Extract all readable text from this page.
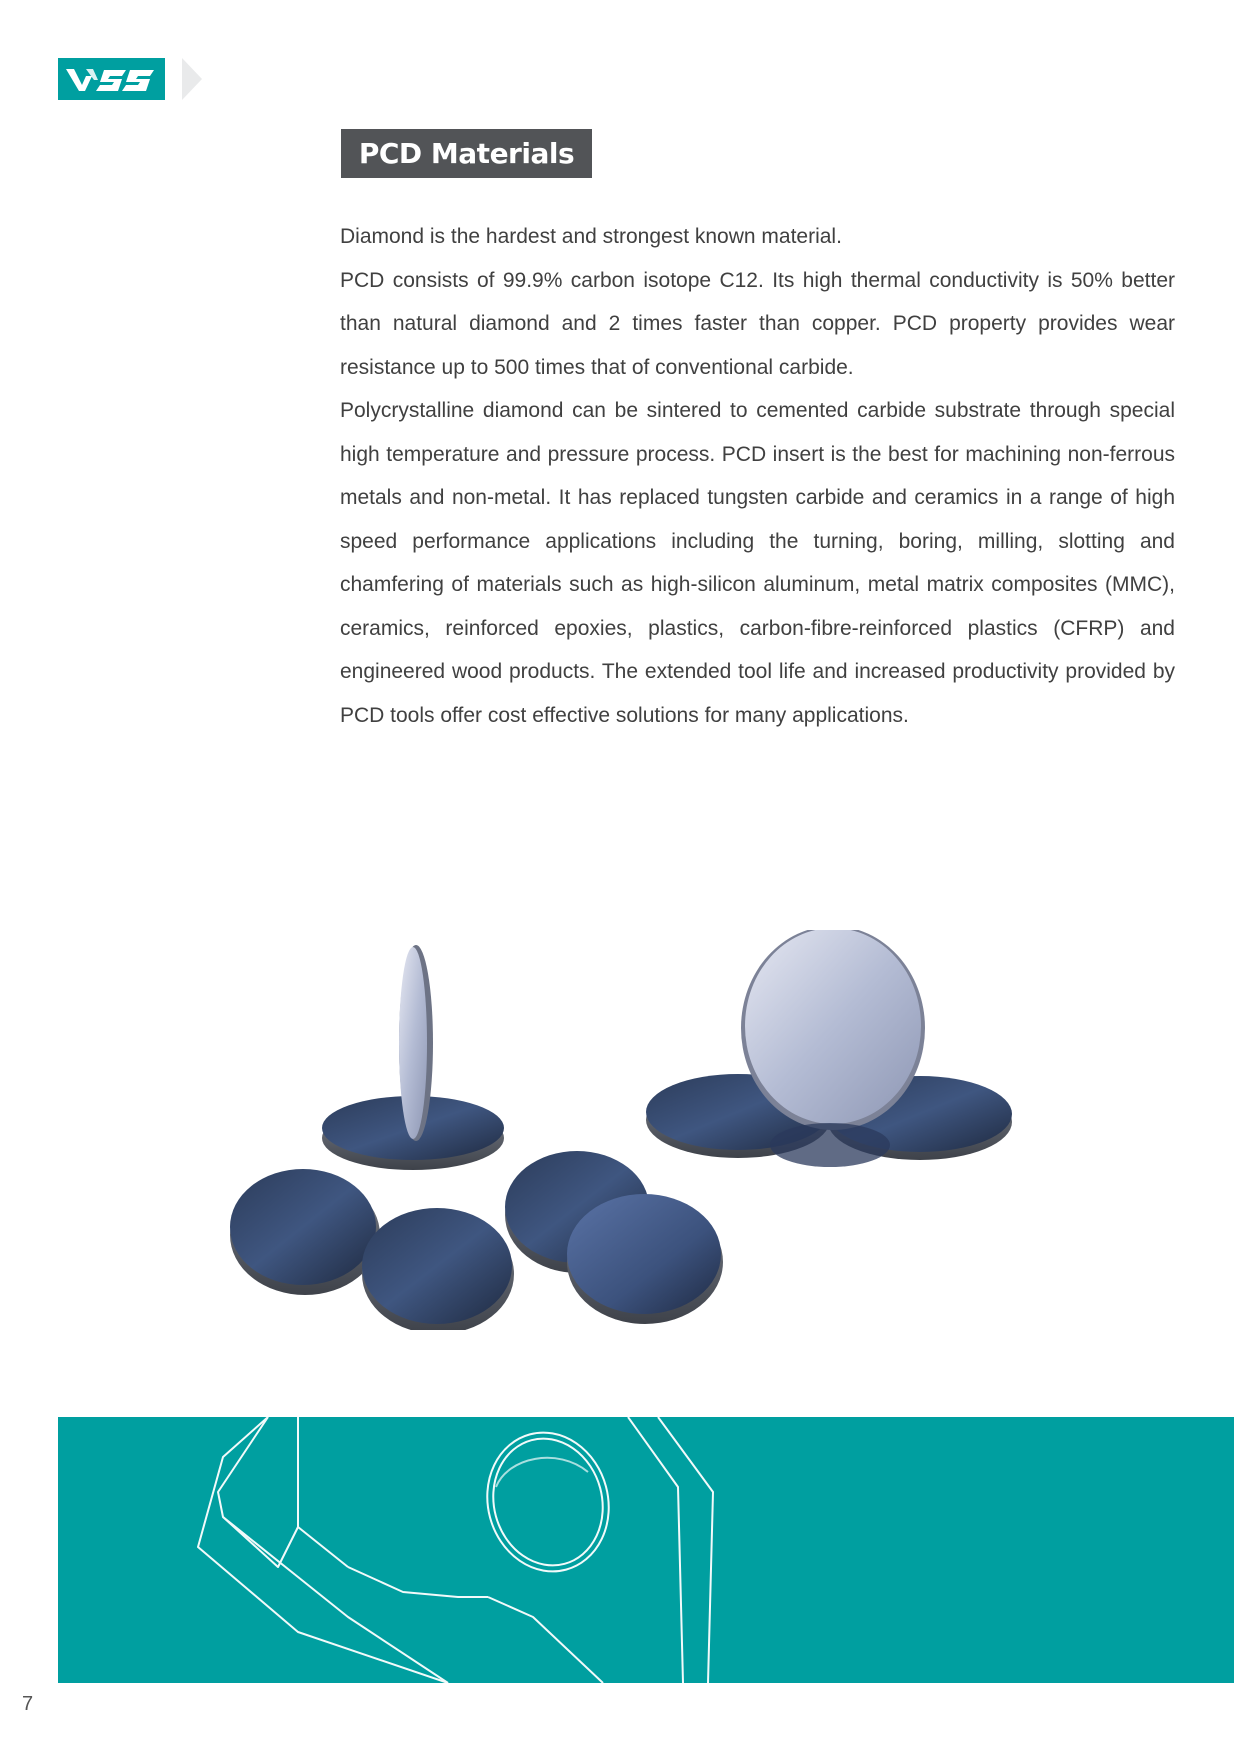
PCD Materials

Diamond is the hardest and strongest known material.

PCD consists of 99.9% carbon isotope C12. Its high thermal conductivity is 50% better than natural diamond and 2 times faster than copper. PCD property provides wear resistance up to 500 times that of conventional carbide.

Polycrystalline diamond can be sintered to cemented carbide substrate through special high temperature and pressure process. PCD insert is the best for machining non-ferrous metals and non-metal. It has replaced tungsten carbide and ceramics in a range of high speed performance applications including the turning, boring, milling, slotting and chamfering of materials such as high-silicon aluminum, metal matrix composites (MMC), ceramics, reinforced epoxies, plastics, carbon-fibre-reinforced plastics (CFRP) and engineered wood products. The extended tool life and increased productivity provided by PCD tools offer cost effective solutions for many applications.

7
